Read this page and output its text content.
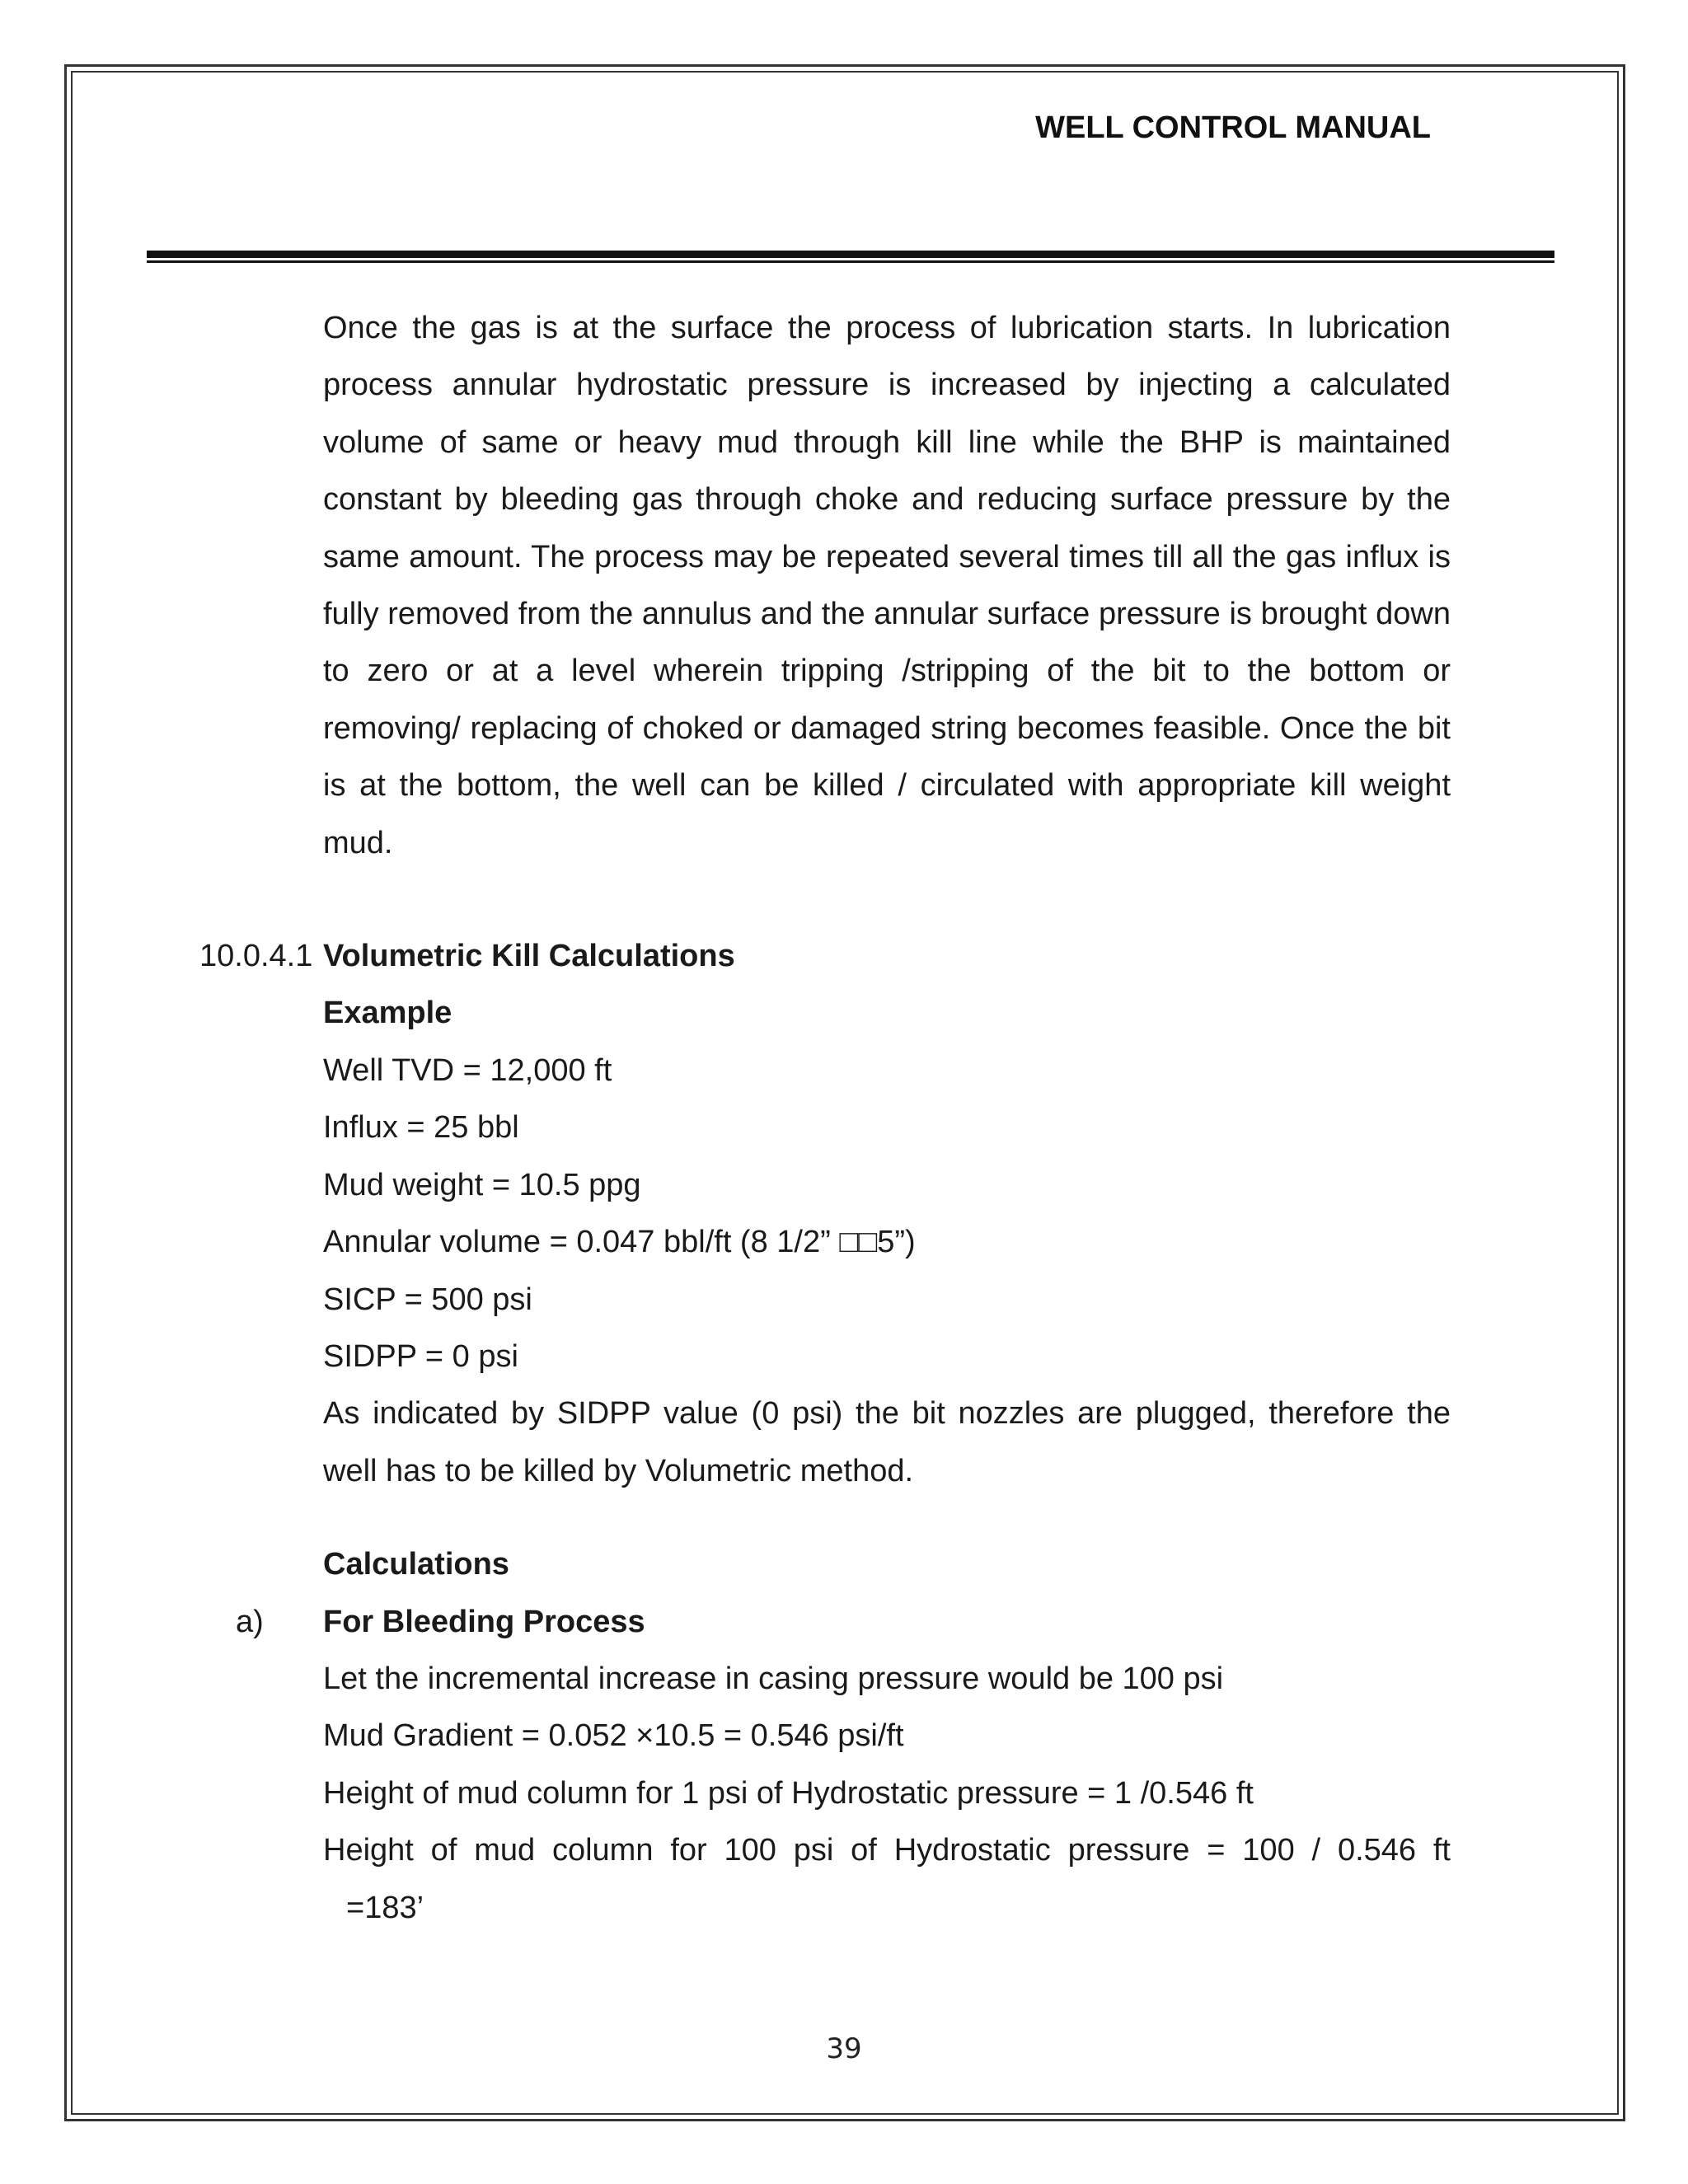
WELL CONTROL MANUAL

Once the gas is at the surface the process of lubrication starts. In lubrication process annular hydrostatic pressure is increased by injecting a calculated volume of same or heavy mud through kill line while the BHP is maintained constant by bleeding gas through choke and reducing surface pressure by the same amount. The process may be repeated several times till all the gas influx is fully removed from the annulus and the annular surface pressure is brought down to zero or at a level wherein tripping /stripping of the bit to the bottom or removing/ replacing of choked or damaged string becomes feasible. Once the bit is at the bottom, the well can be killed / circulated with appropriate kill weight mud.

10.0.4.1 Volumetric Kill Calculations
Example
Well TVD = 12,000 ft
Influx = 25 bbl
Mud weight = 10.5 ppg
Annular volume = 0.047 bbl/ft (8 1/2” □□5”)
SICP = 500 psi
SIDPP = 0 psi

As indicated by SIDPP value (0 psi) the bit nozzles are plugged, therefore the well has to be killed by Volumetric method.

Calculations
a) For Bleeding Process
Let the incremental increase in casing pressure would be 100 psi
Mud Gradient = 0.052 ×10.5 = 0.546 psi/ft
Height of mud column for 1 psi of Hydrostatic pressure = 1 /0.546 ft

Height of mud column for 100 psi of Hydrostatic pressure = 100 / 0.546 ft

=183’
39
